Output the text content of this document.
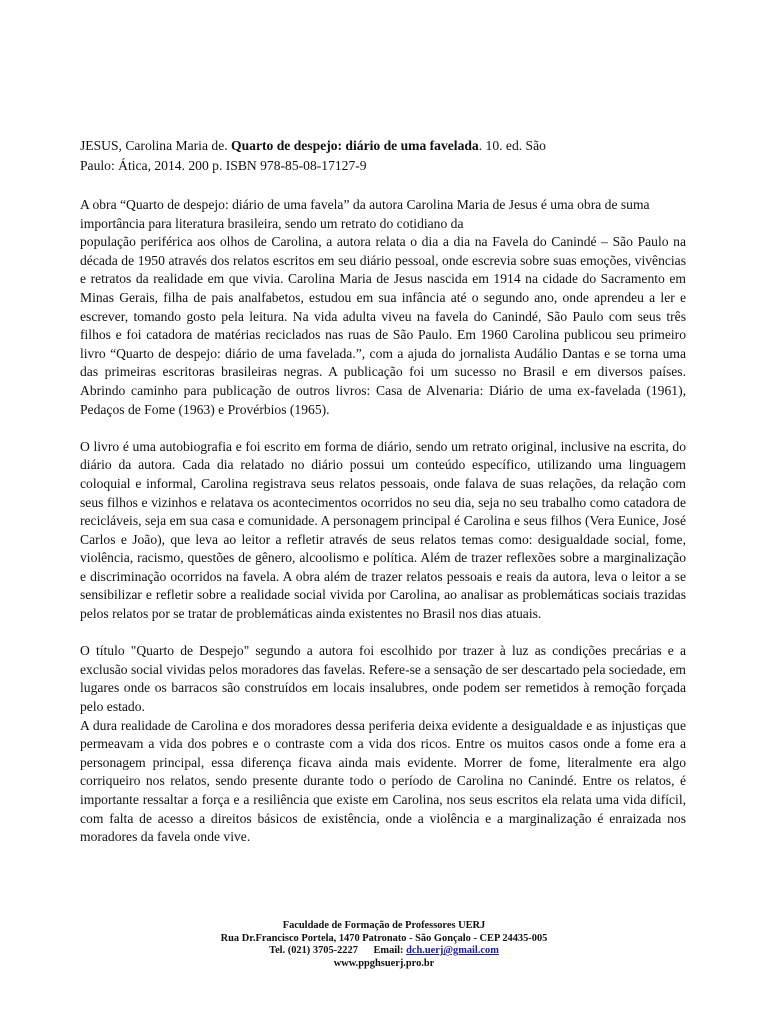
JESUS, Carolina Maria de. Quarto de despejo: diário de uma favelada. 10. ed. São
Paulo: Ática, 2014. 200 p. ISBN 978-85-08-17127-9

A obra “Quarto de despejo: diário de uma favela” da autora Carolina Maria de Jesus é uma obra de suma importância para literatura brasileira, sendo um retrato do cotidiano da
população periférica aos olhos de Carolina, a autora relata o dia a dia na Favela do Canindé – São Paulo na década de 1950 através dos relatos escritos em seu diário pessoal, onde escrevia sobre suas emoções, vivências e retratos da realidade em que vivia. Carolina Maria de Jesus nascida em 1914 na cidade do Sacramento em Minas Gerais, filha de pais analfabetos, estudou em sua infância até o segundo ano, onde aprendeu a ler e escrever, tomando gosto pela leitura. Na vida adulta viveu na favela do Canindé, São Paulo com seus três filhos e foi catadora de matérias reciclados nas ruas de São Paulo. Em 1960 Carolina publicou seu primeiro livro “Quarto de despejo: diário de uma favelada.”, com a ajuda do jornalista Audálio Dantas e se torna uma das primeiras escritoras brasileiras negras. A publicação foi um sucesso no Brasil e em diversos países. Abrindo caminho para publicação de outros livros: Casa de Alvenaria: Diário de uma ex-favelada (1961), Pedaços de Fome (1963) e Provérbios (1965).

O livro é uma autobiografia e foi escrito em forma de diário, sendo um retrato original, inclusive na escrita, do diário da autora. Cada dia relatado no diário possui um conteúdo específico, utilizando uma linguagem coloquial e informal, Carolina registrava seus relatos pessoais, onde falava de suas relações, da relação com seus filhos e vizinhos e relatava os acontecimentos ocorridos no seu dia, seja no seu trabalho como catadora de recicláveis, seja em sua casa e comunidade. A personagem principal é Carolina e seus filhos (Vera Eunice, José Carlos e João), que leva ao leitor a refletir através de seus relatos temas como: desigualdade social, fome, violência, racismo, questões de gênero, alcoolismo e política. Além de trazer reflexões sobre a marginalização e discriminação ocorridos na favela. A obra além de trazer relatos pessoais e reais da autora, leva o leitor a se sensibilizar e refletir sobre a realidade social vivida por Carolina, ao analisar as problemáticas sociais trazidas pelos relatos por se tratar de problemáticas ainda existentes no Brasil nos dias atuais.

O título "Quarto de Despejo" segundo a autora foi escolhido por trazer à luz as condições precárias e a exclusão social vividas pelos moradores das favelas. Refere-se a sensação de ser descartado pela sociedade, em lugares onde os barracos são construídos em locais insalubres, onde podem ser remetidos à remoção forçada pelo estado.

A dura realidade de Carolina e dos moradores dessa periferia deixa evidente a desigualdade e as injustiças que permeavam a vida dos pobres e o contraste com a vida dos ricos. Entre os muitos casos onde a fome era a personagem principal, essa diferença ficava ainda mais evidente. Morrer de fome, literalmente era algo corriqueiro nos relatos, sendo presente durante todo o período de Carolina no Canindé. Entre os relatos, é importante ressaltar a força e a resiliência que existe em Carolina, nos seus escritos ela relata uma vida difícil, com falta de acesso a direitos básicos de existência, onde a violência e a marginalização é enraizada nos moradores da favela onde vive.

Faculdade de Formação de Professores UERJ
Rua Dr.Francisco Portela, 1470 Patronato - São Gonçalo - CEP 24435-005
Tel. (021) 3705-2227 Email: dch.uerj@gmail.com
www.ppghsuerj.pro.br
